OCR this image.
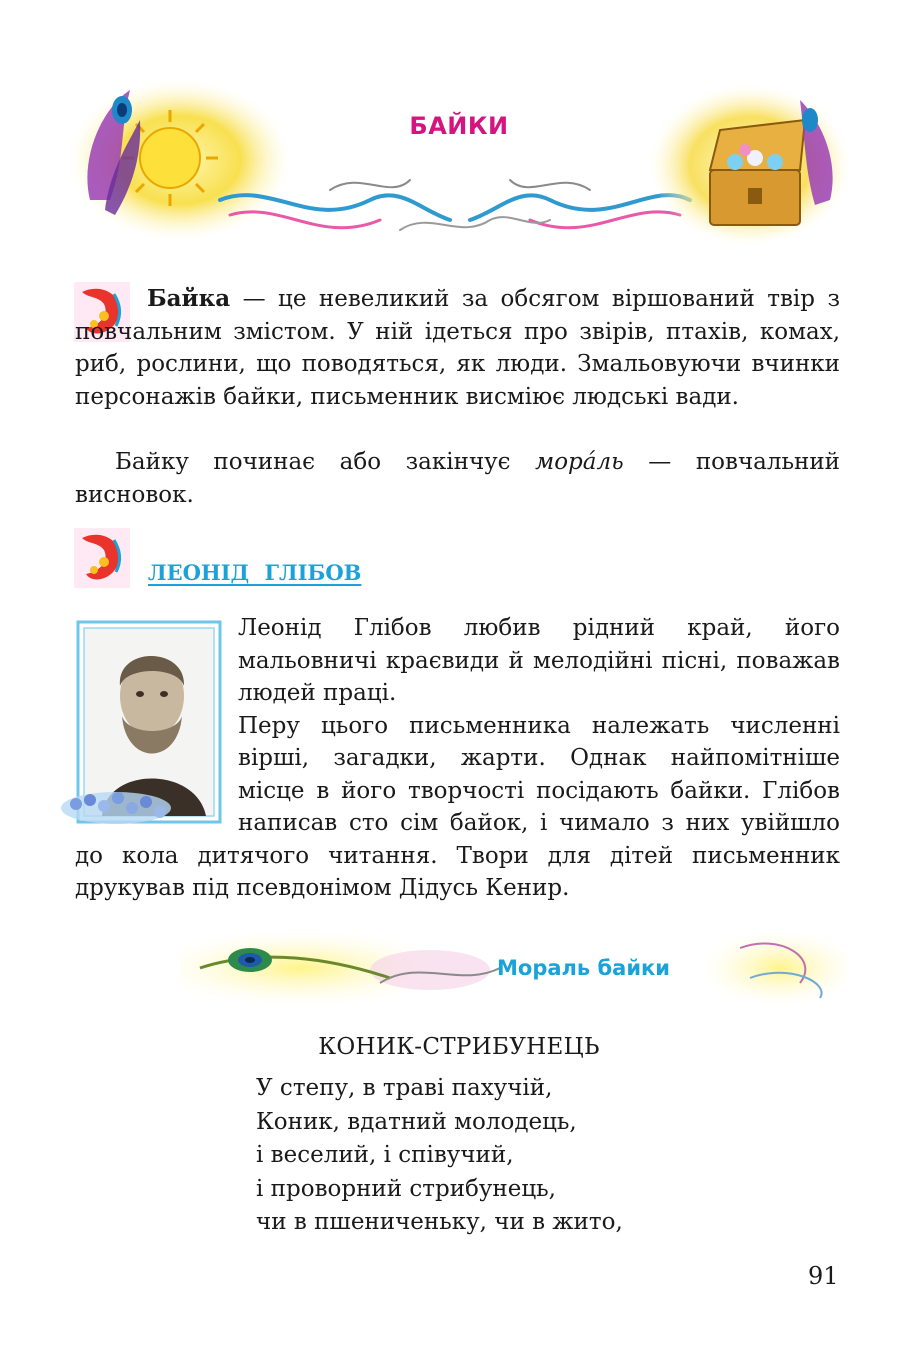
БАЙКИ
Байка — це невеликий за обсягом віршований твір з повчальним змістом. У ній ідеться про звірів, птахів, комах, риб, рослини, що поводяться, як люди. Змальовуючи вчинки персонажів байки, письменник висміює людські вади.
Байку починає або закінчує мора́ль — повчальний висновок.
ЛЕОНІД ГЛІБОВ
Леонід Глібов любив рідний край, його мальовничі краєвиди й мелодійні пісні, поважав людей праці.
Перу цього письменника належать численні вірші, загадки, жарти. Однак найпомітніше місце в його творчості посідають байки. Глібов написав сто сім байок, і чимало з них увійшло до кола дитячого читання. Твори для дітей письменник друкував під псевдонімом Дідусь Кенир.
Мораль байки
КОНИК-СТРИБУНЕЦЬ
У степу, в траві пахучій,
Коник, вдатний молодець,
і веселий, і співучий,
і проворний стрибунець,
чи в пшениченьку, чи в жито,
91
